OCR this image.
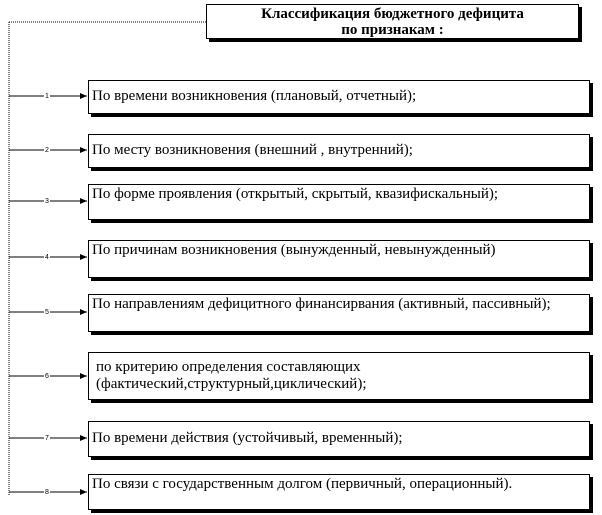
Классификация бюджетного дефицита
по признакам :
По времени возникновения (плановый, отчетный);
По месту возникновения (внешний , внутренний);
По форме проявления (открытый, скрытый, квазифискальный);
По причинам возникновения (вынужденный, невынужденный)
По направлениям дефицитного финансирвания (активный, пассивный);
по критерию определения составляющих (фактический,структурный,циклический);
По времени действия (устойчивый, временный);
По связи с государственным долгом (первичный, операционный).
1
2
3
4
5
6
7
8
